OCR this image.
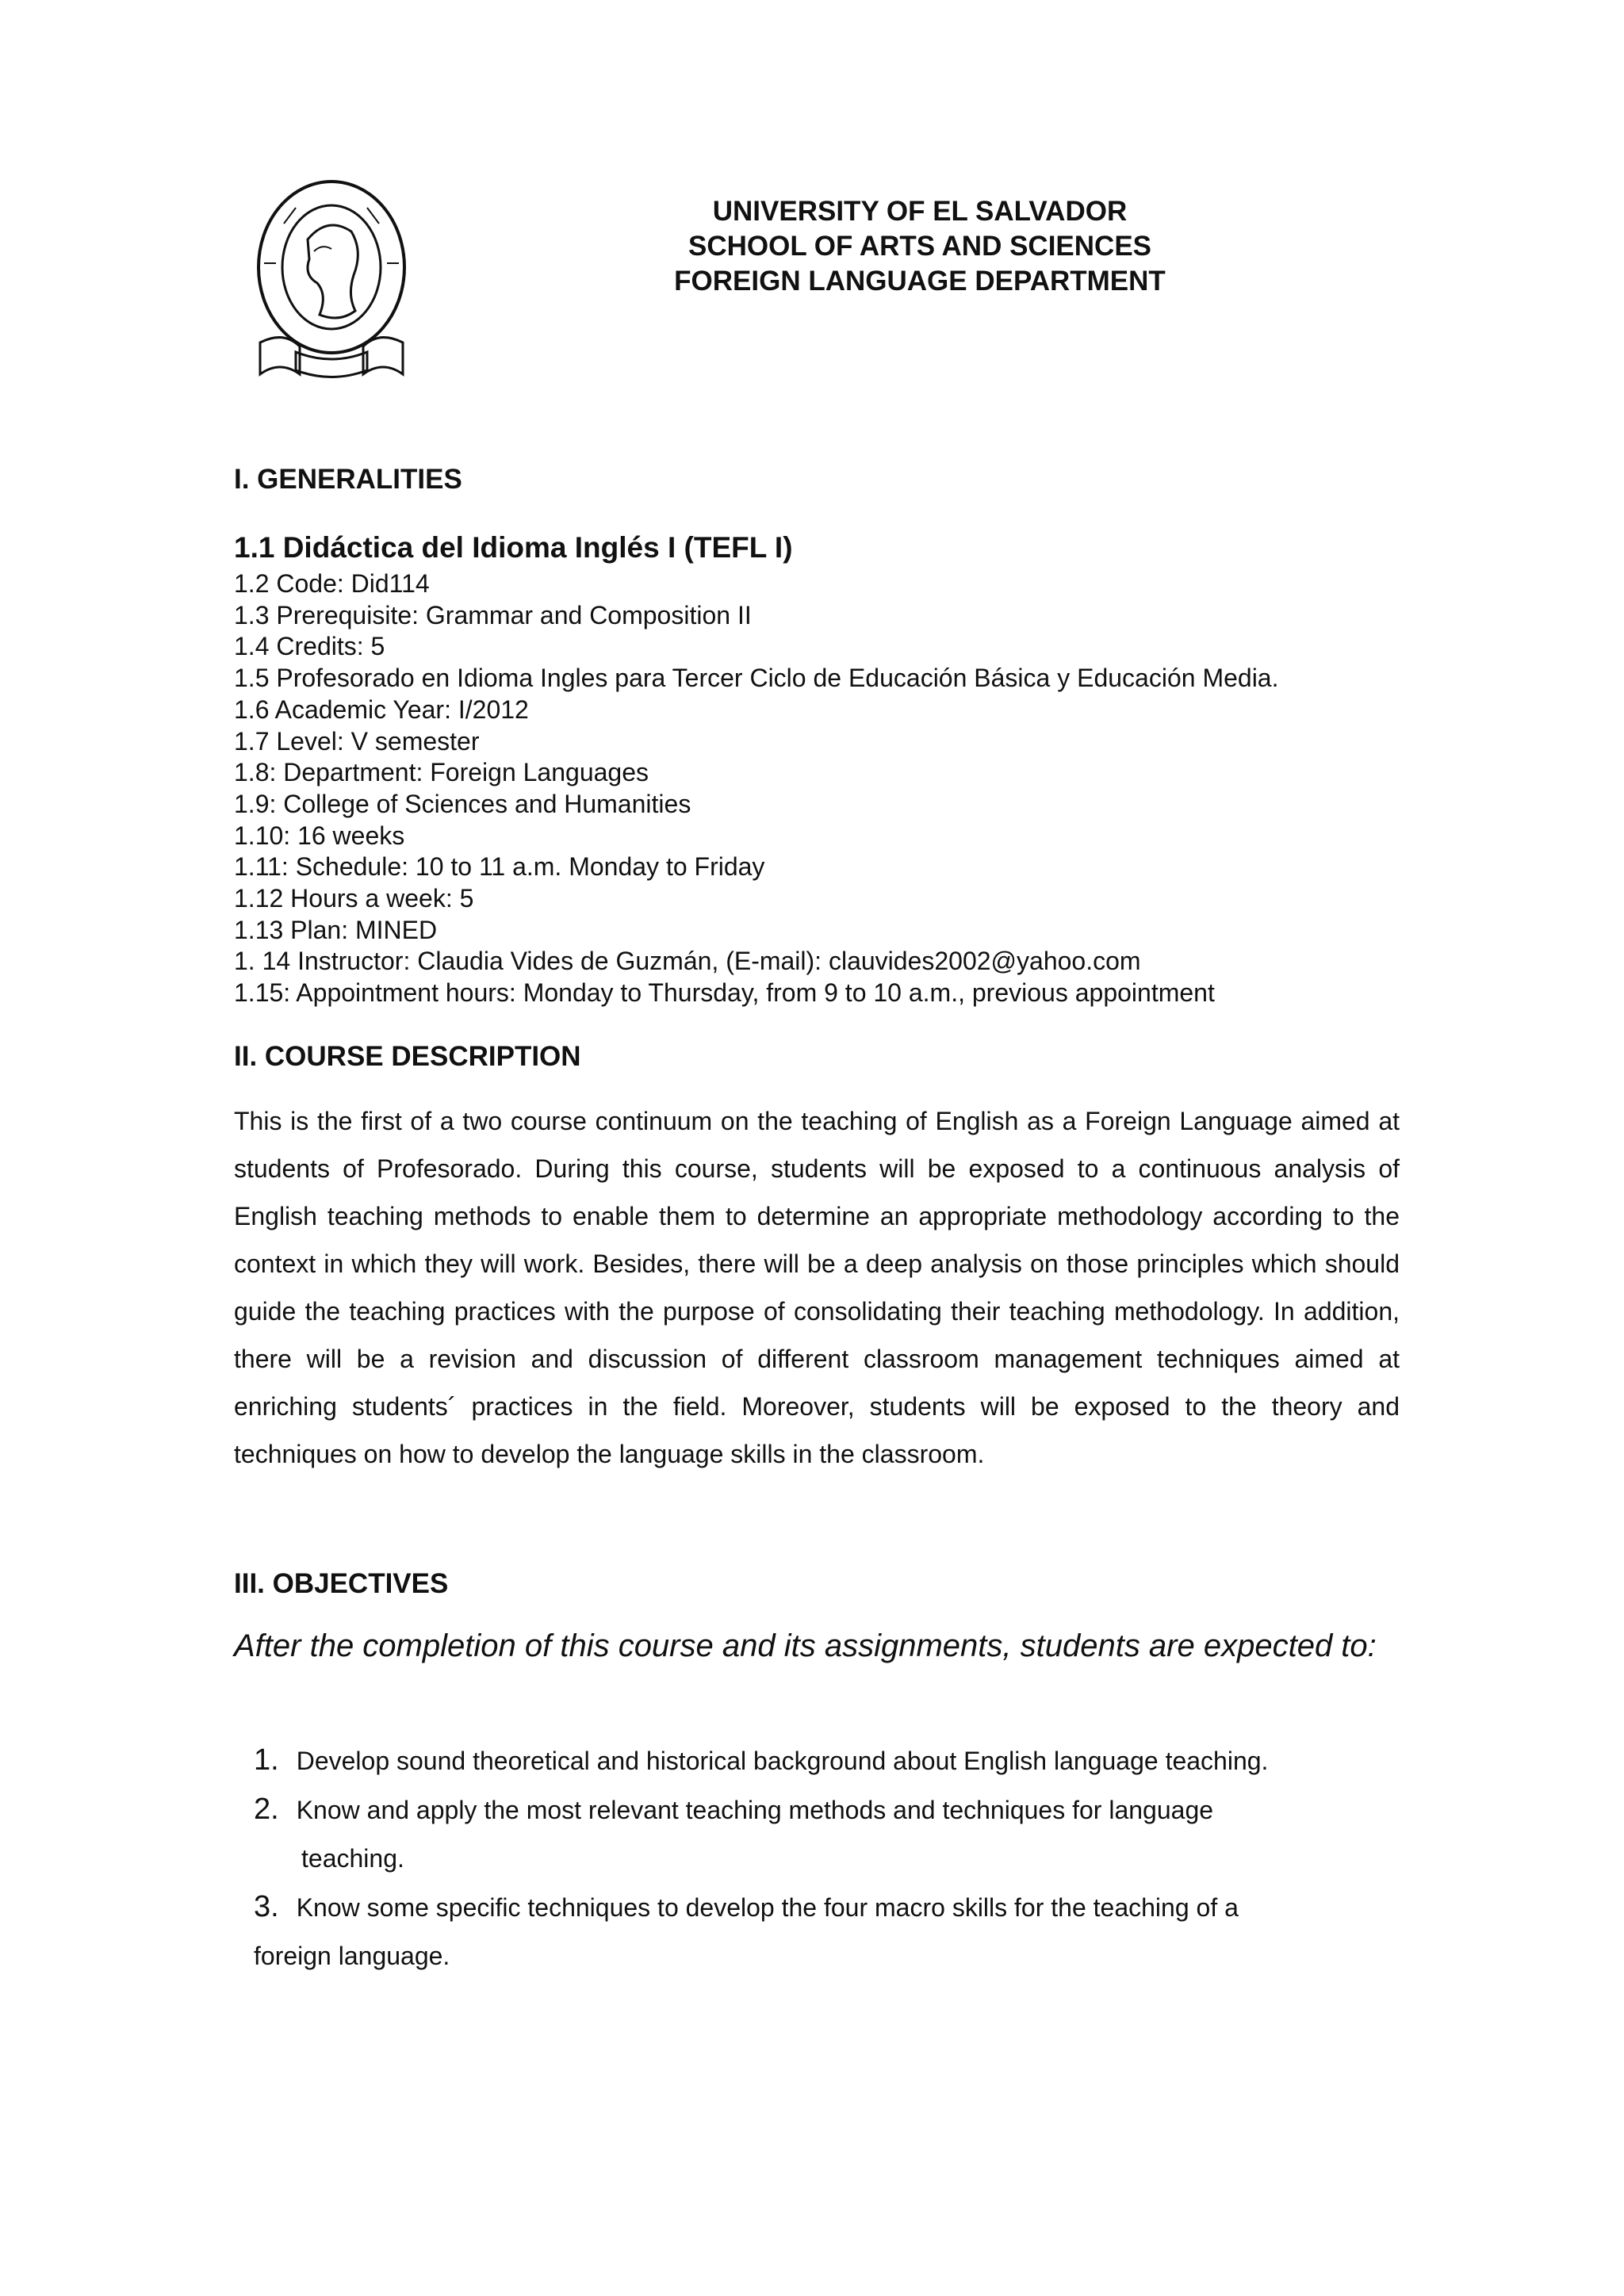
UNIVERSITY OF EL SALVADOR
SCHOOL OF ARTS AND SCIENCES
FOREIGN LANGUAGE DEPARTMENT
I. GENERALITIES
1.1 Didáctica del Idioma Inglés I (TEFL I)
1.2 Code: Did114
1.3 Prerequisite: Grammar and Composition II
1.4 Credits: 5
1.5 Profesorado en Idioma Ingles para Tercer Ciclo de Educación Básica y Educación Media.
1.6 Academic Year: I/2012
1.7 Level: V semester
1.8: Department: Foreign Languages
1.9: College of Sciences and Humanities
1.10: 16 weeks
1.11: Schedule: 10 to 11 a.m. Monday to Friday
1.12 Hours a week: 5
1.13 Plan: MINED
1. 14 Instructor: Claudia Vides de Guzmán, (E-mail): clauvides2002@yahoo.com
1.15: Appointment hours: Monday to Thursday, from 9 to 10 a.m., previous appointment
II. COURSE DESCRIPTION

This is the first of a two course continuum on the teaching of English as a Foreign Language aimed at students of Profesorado. During this course, students will be exposed to a continuous analysis of English teaching methods to enable them to determine an appropriate methodology according to the context in which they will work. Besides, there will be a deep analysis on those principles which should guide the teaching practices with the purpose of consolidating their teaching methodology. In addition, there will be a revision and discussion of different classroom management techniques aimed at enriching students´ practices in the field. Moreover, students will be exposed to the theory and techniques on how to develop the language skills in the classroom.

III. OBJECTIVES

After the completion of this course and its assignments, students are expected to:

1. Develop sound theoretical and historical background about English language teaching.
2. Know and apply the most relevant teaching methods and techniques for language
teaching.
3. Know some specific techniques to develop the four macro skills for the teaching of a
foreign language.
